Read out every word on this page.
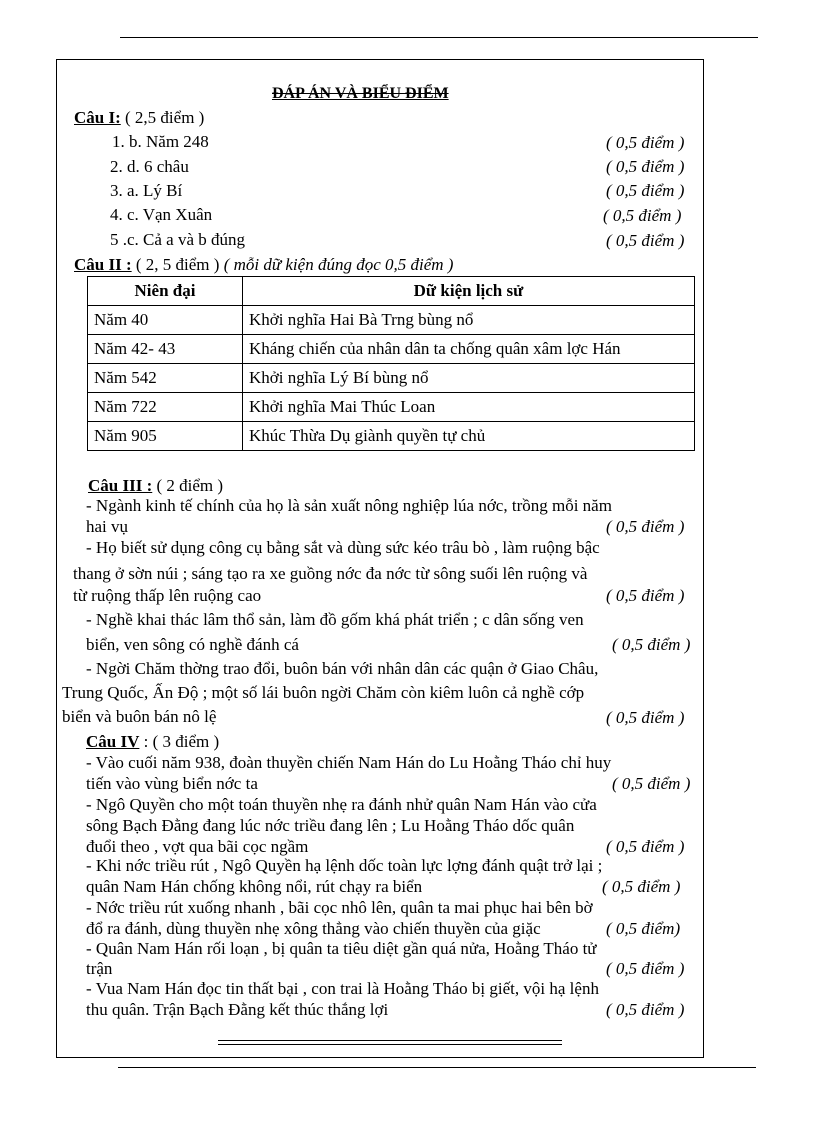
ĐÁP ÁN VÀ BIỂU ĐIỂM
Câu I: ( 2,5 điểm )
1. b. Năm 248	( 0,5 điểm )
2. d. 6 châu	( 0,5 điểm )
3. a. Lý Bí	( 0,5 điểm )
4. c. Vạn Xuân	( 0,5 điểm )
5 .c. Cả a và b đúng	( 0,5 điểm )
Câu II : ( 2, 5 điểm ) ( mỗi dữ kiện đúng đọc 0,5 điểm )
Niên đại	Dữ kiện lịch sử
Năm 40	Khởi nghĩa Hai Bà Trng bùng nổ
Năm 42- 43	Kháng chiến của nhân dân ta chống quân xâm lợc Hán
Năm 542	Khởi nghĩa Lý Bí bùng nổ
Năm 722	Khởi nghĩa Mai Thúc Loan
Năm 905	Khúc Thừa Dụ giành quyền tự chủ
Câu III : ( 2 điểm )
- Ngành kinh tế chính của họ là sản xuất nông nghiệp lúa nớc, trồng mỗi năm
hai vụ	( 0,5 điểm )
- Họ biết sử dụng công cụ bằng sắt và dùng sức kéo trâu bò , làm ruộng bậc
thang ở sờn núi ; sáng tạo ra xe guồng nớc đa nớc từ sông suối lên ruộng và
từ ruộng thấp lên ruộng cao	( 0,5 điểm )
- Nghề khai thác lâm thổ sản, làm đồ gốm khá phát triển ; c dân sống ven
biển, ven sông có nghề đánh cá	( 0,5 điểm )
- Ngời Chăm thờng trao đổi, buôn bán với nhân dân các quận ở Giao Châu,
Trung Quốc, Ấn Độ ; một số lái buôn ngời Chăm còn kiêm luôn cả nghề cớp
biển và buôn bán nô lệ	( 0,5 điểm )
Câu IV : ( 3 điểm )
- Vào cuối năm 938, đoàn thuyền chiến Nam Hán do Lu Hoằng Tháo chỉ huy
tiến vào vùng biển nớc ta	( 0,5 điểm )
- Ngô Quyền cho một toán thuyền nhẹ ra đánh nhử quân Nam Hán vào cửa
sông Bạch Đằng đang lúc nớc triều đang lên ; Lu Hoằng Tháo dốc quân
đuổi theo , vợt qua bãi cọc ngầm	( 0,5 điểm )
- Khi nớc triều rút , Ngô Quyền hạ lệnh dốc toàn lực lợng đánh quật trở lại ;
quân Nam Hán chống không nổi, rút chạy ra biển	( 0,5 điểm )
- Nớc triều rút xuống nhanh , bãi cọc nhô lên, quân ta mai phục hai bên bờ
đổ ra đánh, dùng thuyền nhẹ xông thẳng vào chiến thuyền của giặc	( 0,5 điểm)
- Quân Nam Hán rối loạn , bị quân ta tiêu diệt gần quá nửa, Hoằng Tháo tử
trận	( 0,5 điểm )
- Vua Nam Hán đọc tin thất bại , con trai là Hoằng Tháo bị giết, vội hạ lệnh
thu quân. Trận Bạch Đằng kết thúc thắng lợi	( 0,5 điểm )
